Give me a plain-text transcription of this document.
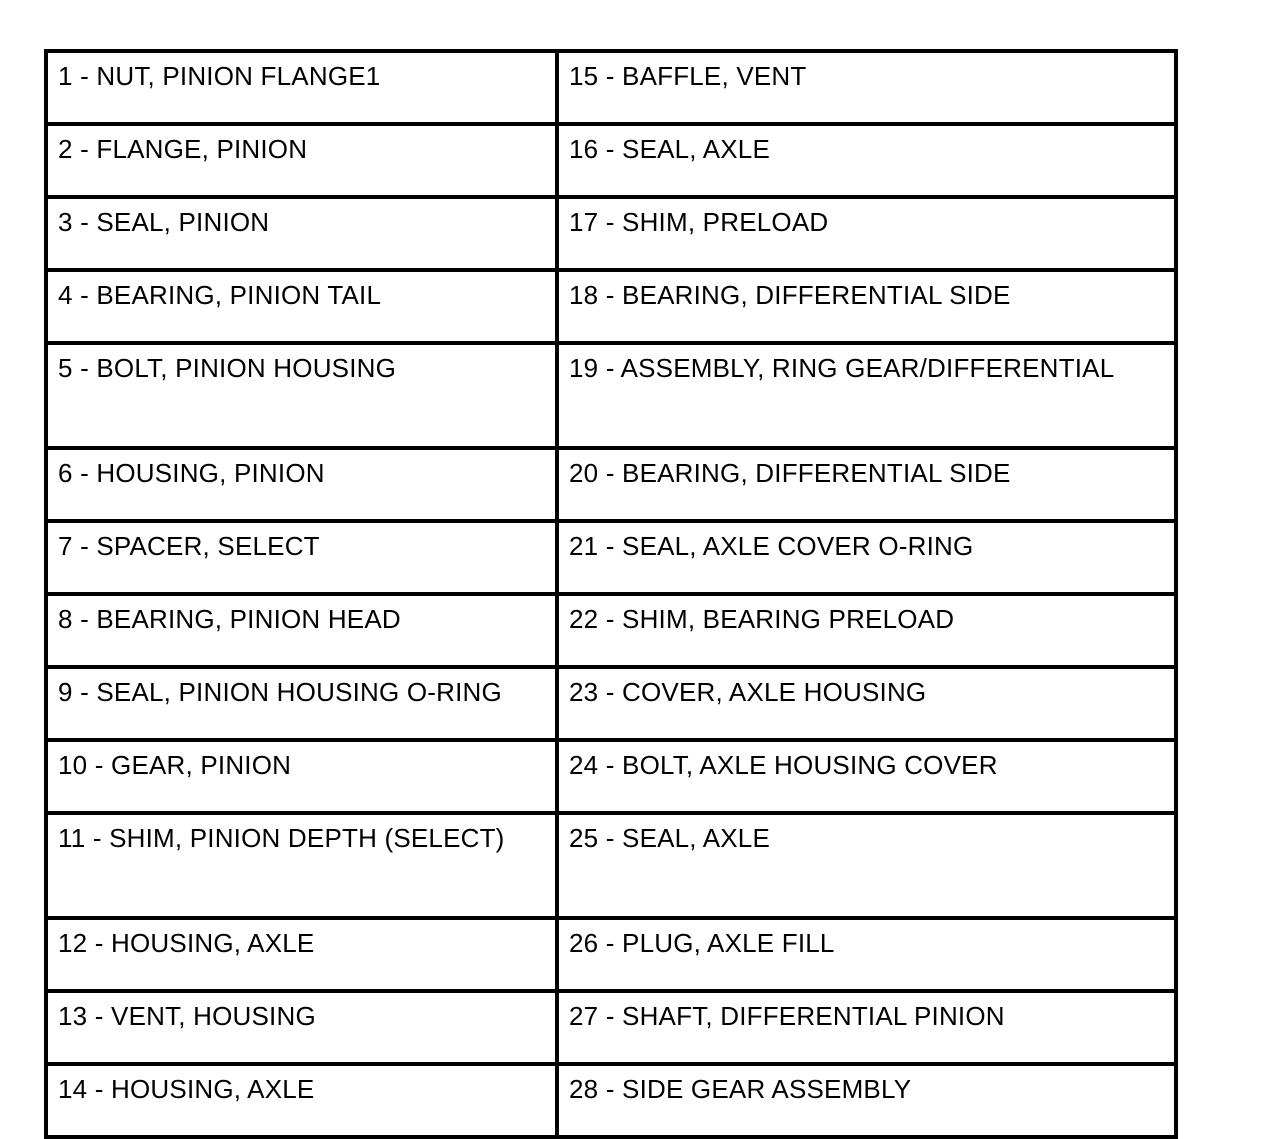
1 - NUT, PINION FLANGE1	15 - BAFFLE, VENT
2 - FLANGE, PINION	16 - SEAL, AXLE
3 - SEAL, PINION	17 - SHIM, PRELOAD
4 - BEARING, PINION TAIL	18 - BEARING, DIFFERENTIAL SIDE
5 - BOLT, PINION HOUSING	19 - ASSEMBLY, RING GEAR/DIFFERENTIAL
6 - HOUSING, PINION	20 - BEARING, DIFFERENTIAL SIDE
7 - SPACER, SELECT	21 - SEAL, AXLE COVER O-RING
8 - BEARING, PINION HEAD	22 - SHIM, BEARING PRELOAD
9 - SEAL, PINION HOUSING O-RING	23 - COVER, AXLE HOUSING
10 - GEAR, PINION	24 - BOLT, AXLE HOUSING COVER
11 - SHIM, PINION DEPTH (SELECT)	25 - SEAL, AXLE
12 - HOUSING, AXLE	26 - PLUG, AXLE FILL
13 - VENT, HOUSING	27 - SHAFT, DIFFERENTIAL PINION
14 - HOUSING, AXLE	28 - SIDE GEAR ASSEMBLY
